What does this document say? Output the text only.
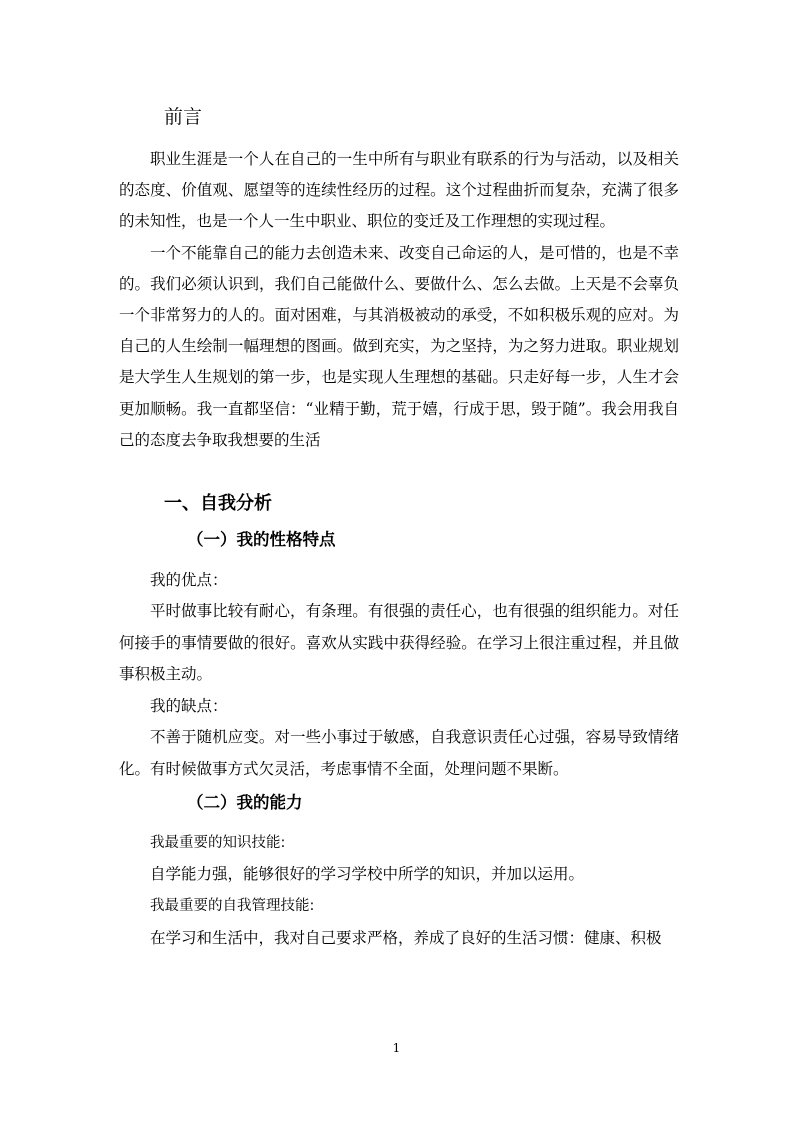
前言

职业生涯是一个人在自己的一生中所有与职业有联系的行为与活动，以及相关的态度、价值观、愿望等的连续性经历的过程。这个过程曲折而复杂，充满了很多的未知性，也是一个人一生中职业、职位的变迁及工作理想的实现过程。

一个不能靠自己的能力去创造未来、改变自己命运的人，是可惜的，也是不幸的。我们必须认识到，我们自己能做什么、要做什么、怎么去做。上天是不会辜负一个非常努力的人的。面对困难，与其消极被动的承受，不如积极乐观的应对。为自己的人生绘制一幅理想的图画。做到充实，为之坚持，为之努力进取。职业规划是大学生人生规划的第一步，也是实现人生理想的基础。只走好每一步，人生才会更加顺畅。我一直都坚信：“业精于勤，荒于嬉，行成于思，毁于随”。我会用我自己的态度去争取我想要的生活

一、自我分析
（一）我的性格特点
我的优点：

平时做事比较有耐心，有条理。有很强的责任心，也有很强的组织能力。对任何接手的事情要做的很好。喜欢从实践中获得经验。在学习上很注重过程，并且做事积极主动。

我的缺点：

不善于随机应变。对一些小事过于敏感，自我意识责任心过强，容易导致情绪化。有时候做事方式欠灵活，考虑事情不全面，处理问题不果断。

（二）我的能力
我最重要的知识技能:

自学能力强，能够很好的学习学校中所学的知识，并加以运用。

我最重要的自我管理技能:

在学习和生活中，我对自己要求严格，养成了良好的生活习惯：健康、积极

1
